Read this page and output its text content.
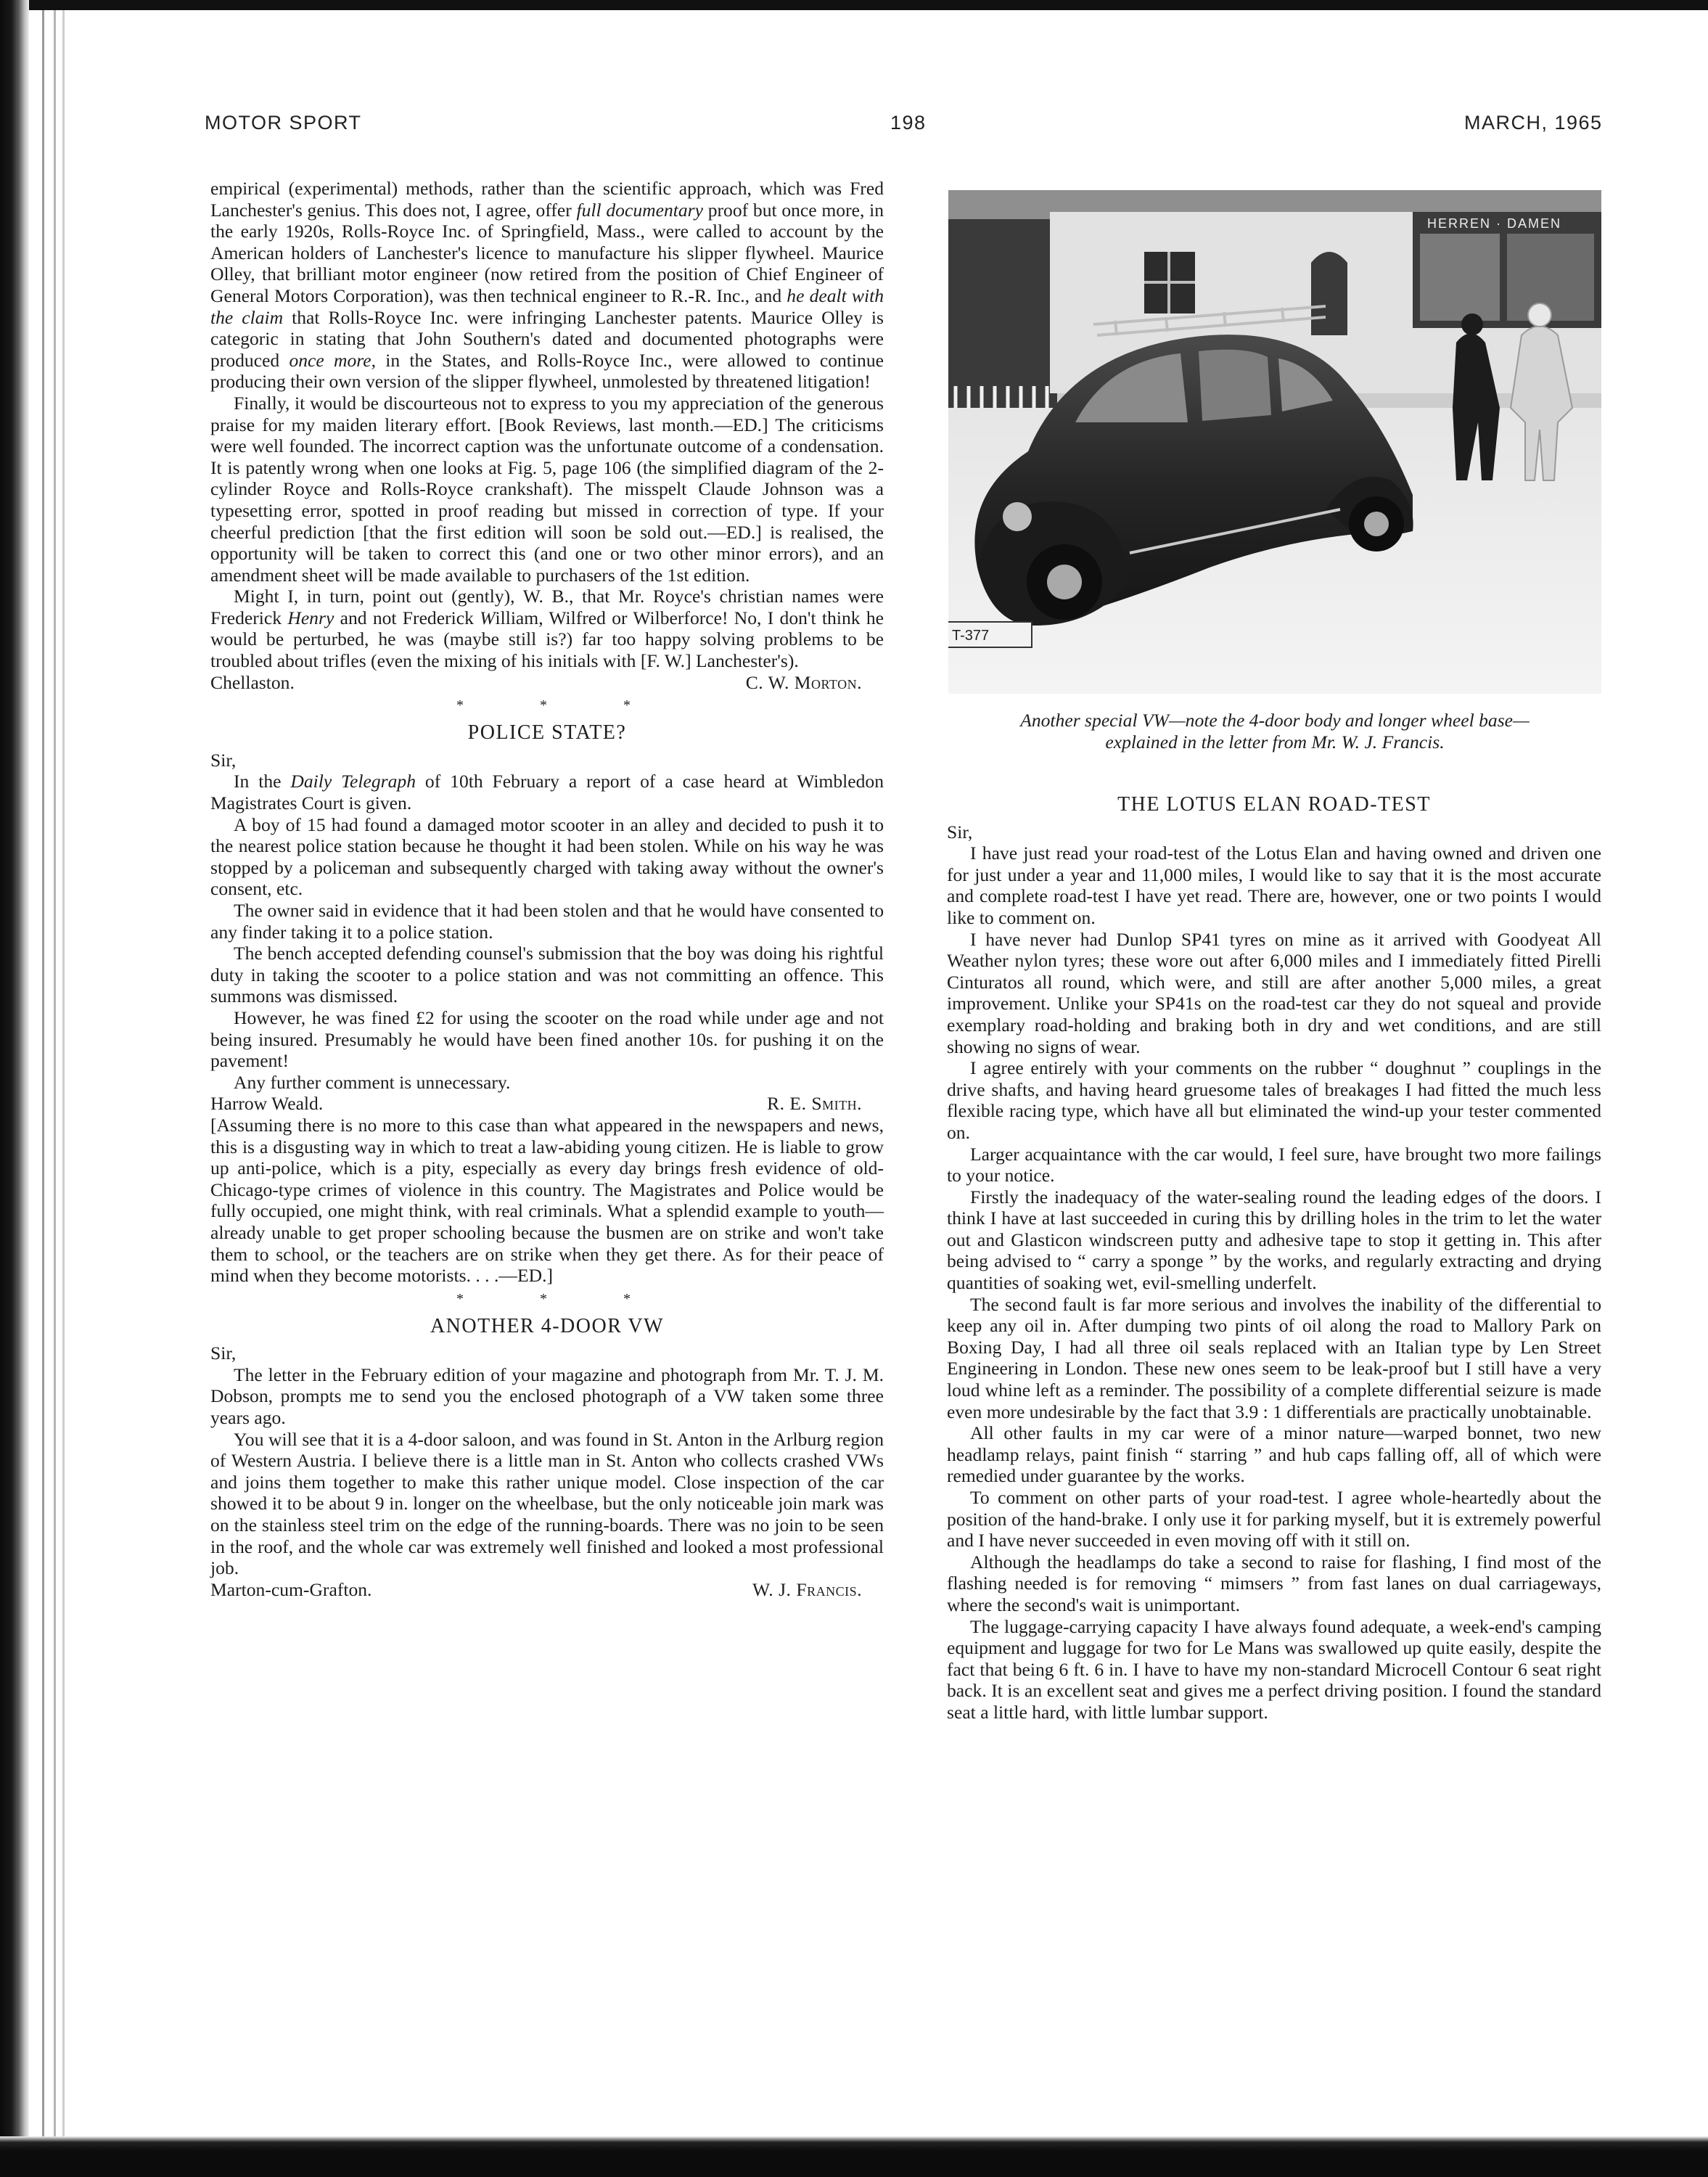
MOTOR SPORT	198	MARCH, 1965

empirical (experimental) methods, rather than the scientific approach, which was Fred Lanchester's genius. This does not, I agree, offer full documentary proof but once more, in the early 1920s, Rolls-Royce Inc. of Springfield, Mass., were called to account by the American holders of Lanchester's licence to manufacture his slipper flywheel. Maurice Olley, that brilliant motor engineer (now retired from the position of Chief Engineer of General Motors Corporation), was then technical engineer to R.-R. Inc., and he dealt with the claim that Rolls-Royce Inc. were infringing Lanchester patents. Maurice Olley is categoric in stating that John Southern's dated and documented photographs were produced once more, in the States, and Rolls-Royce Inc., were allowed to continue producing their own version of the slipper flywheel, unmolested by threatened litigation!

Finally, it would be discourteous not to express to you my appreciation of the generous praise for my maiden literary effort. [Book Reviews, last month.—ED.] The criticisms were well founded. The incorrect caption was the unfortunate outcome of a condensation. It is patently wrong when one looks at Fig. 5, page 106 (the simplified diagram of the 2-cylinder Royce and Rolls-Royce crankshaft). The misspelt Claude Johnson was a typesetting error, spotted in proof reading but missed in correction of type. If your cheerful prediction [that the first edition will soon be sold out.—ED.] is realised, the opportunity will be taken to correct this (and one or two other minor errors), and an amendment sheet will be made available to purchasers of the 1st edition.

Might I, in turn, point out (gently), W. B., that Mr. Royce's christian names were Frederick Henry and not Frederick William, Wilfred or Wilberforce! No, I don't think he would be perturbed, he was (maybe still is?) far too happy solving problems to be troubled about trifles (even the mixing of his initials with [F. W.] Lanchester's).

Chellaston.	C. W. Morton.
* * *
POLICE STATE?

Sir,

In the Daily Telegraph of 10th February a report of a case heard at Wimbledon Magistrates Court is given.

A boy of 15 had found a damaged motor scooter in an alley and decided to push it to the nearest police station because he thought it had been stolen. While on his way he was stopped by a policeman and subsequently charged with taking away without the owner's consent, etc.

The owner said in evidence that it had been stolen and that he would have consented to any finder taking it to a police station.

The bench accepted defending counsel's submission that the boy was doing his rightful duty in taking the scooter to a police station and was not committing an offence. This summons was dismissed.

However, he was fined £2 for using the scooter on the road while under age and not being insured. Presumably he would have been fined another 10s. for pushing it on the pavement!

Any further comment is unnecessary.

Harrow Weald.	R. E. Smith.

[Assuming there is no more to this case than what appeared in the newspapers and news, this is a disgusting way in which to treat a law-abiding young citizen. He is liable to grow up anti-police, which is a pity, especially as every day brings fresh evidence of old-Chicago-type crimes of violence in this country. The Magistrates and Police would be fully occupied, one might think, with real criminals. What a splendid example to youth—already unable to get proper schooling because the busmen are on strike and won't take them to school, or the teachers are on strike when they get there. As for their peace of mind when they become motorists. . . .—ED.]

* * *
ANOTHER 4-DOOR VW

Sir,

The letter in the February edition of your magazine and photograph from Mr. T. J. M. Dobson, prompts me to send you the enclosed photograph of a VW taken some three years ago.

You will see that it is a 4-door saloon, and was found in St. Anton in the Arlburg region of Western Austria. I believe there is a little man in St. Anton who collects crashed VWs and joins them together to make this rather unique model. Close inspection of the car showed it to be about 9 in. longer on the wheelbase, but the only noticeable join mark was on the stainless steel trim on the edge of the running-boards. There was no join to be seen in the roof, and the whole car was extremely well finished and looked a most professional job.

Marton-cum-Grafton.	W. J. Francis.
HERREN · DAMEN
T-377
Another special VW—note the 4-door body and longer wheel base—
explained in the letter from Mr. W. J. Francis.
THE LOTUS ELAN ROAD-TEST

Sir,

I have just read your road-test of the Lotus Elan and having owned and driven one for just under a year and 11,000 miles, I would like to say that it is the most accurate and complete road-test I have yet read. There are, however, one or two points I would like to comment on.

I have never had Dunlop SP41 tyres on mine as it arrived with Goodyeat All Weather nylon tyres; these wore out after 6,000 miles and I immediately fitted Pirelli Cinturatos all round, which were, and still are after another 5,000 miles, a great improvement. Unlike your SP41s on the road-test car they do not squeal and provide exemplary road-holding and braking both in dry and wet conditions, and are still showing no signs of wear.

I agree entirely with your comments on the rubber “ doughnut ” couplings in the drive shafts, and having heard gruesome tales of breakages I had fitted the much less flexible racing type, which have all but eliminated the wind-up your tester commented on.

Larger acquaintance with the car would, I feel sure, have brought two more failings to your notice.

Firstly the inadequacy of the water-sealing round the leading edges of the doors. I think I have at last succeeded in curing this by drilling holes in the trim to let the water out and Glasticon windscreen putty and adhesive tape to stop it getting in. This after being advised to “ carry a sponge ” by the works, and regularly extracting and drying quantities of soaking wet, evil-smelling underfelt.

The second fault is far more serious and involves the inability of the differential to keep any oil in. After dumping two pints of oil along the road to Mallory Park on Boxing Day, I had all three oil seals replaced with an Italian type by Len Street Engineering in London. These new ones seem to be leak-proof but I still have a very loud whine left as a reminder. The possibility of a complete differential seizure is made even more undesirable by the fact that 3.9 : 1 differentials are practically unobtainable.

All other faults in my car were of a minor nature—warped bonnet, two new headlamp relays, paint finish “ starring ” and hub caps falling off, all of which were remedied under guarantee by the works.

To comment on other parts of your road-test. I agree whole-heartedly about the position of the hand-brake. I only use it for parking myself, but it is extremely powerful and I have never succeeded in even moving off with it still on.

Although the headlamps do take a second to raise for flashing, I find most of the flashing needed is for removing “ mimsers ” from fast lanes on dual carriageways, where the second's wait is unimportant.

The luggage-carrying capacity I have always found adequate, a week-end's camping equipment and luggage for two for Le Mans was swallowed up quite easily, despite the fact that being 6 ft. 6 in. I have to have my non-standard Microcell Contour 6 seat right back. It is an excellent seat and gives me a perfect driving position. I found the standard seat a little hard, with little lumbar support.
